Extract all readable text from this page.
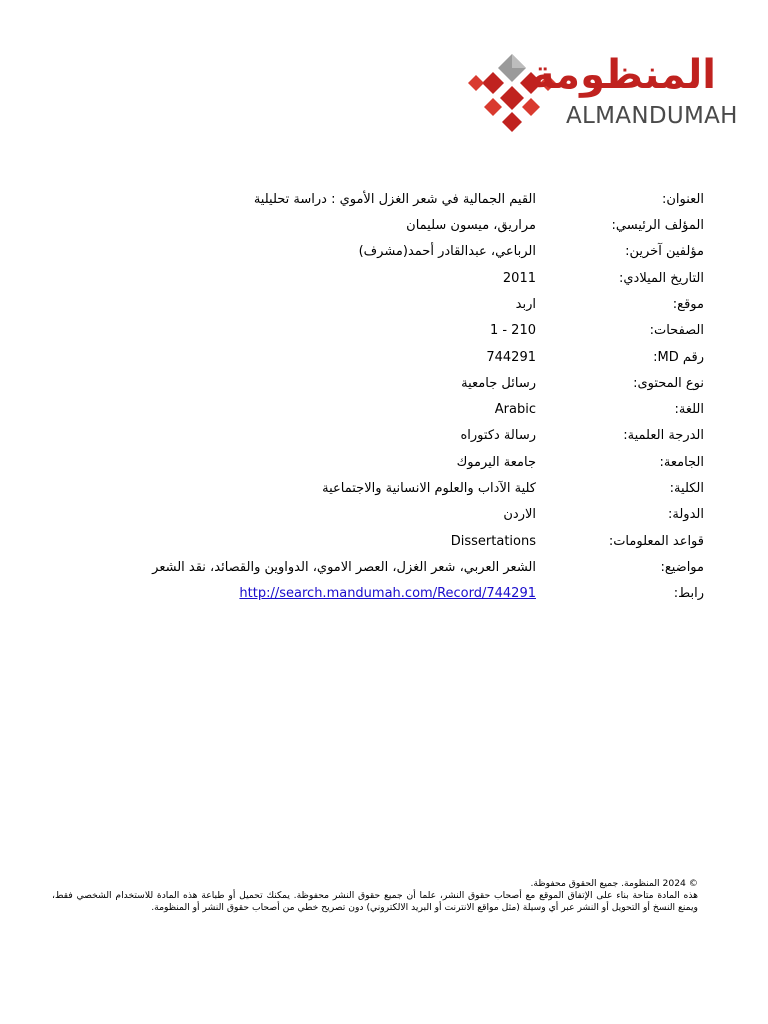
المنظومة
ALMANDUMAH
العنوان:
القيم الجمالية في شعر الغزل الأموي : دراسة تحليلية
المؤلف الرئيسي:
مراريق، ميسون سليمان
مؤلفين آخرين:
الرباعي، عبدالقادر أحمد(مشرف)
التاريخ الميلادي:
2011
موقع:
اربد
الصفحات:
1 - 210
رقم MD:
744291
نوع المحتوى:
رسائل جامعية
اللغة:
Arabic
الدرجة العلمية:
رسالة دكتوراه
الجامعة:
جامعة اليرموك
الكلية:
كلية الآداب والعلوم الانسانية والاجتماعية
الدولة:
الاردن
قواعد المعلومات:
Dissertations
مواضيع:
الشعر العربي، شعر الغزل، العصر الاموي، الدواوين والقصائد، نقد الشعر
رابط:
http://search.mandumah.com/Record/744291

© 2024 المنظومة. جميع الحقوق محفوظة.

هذه المادة متاحة بناء على الإتفاق الموقع مع أصحاب حقوق النشر، علما أن جميع حقوق النشر محفوظة. يمكنك تحميل أو طباعة هذه المادة للاستخدام الشخصي فقط، ويمنع النسخ أو التحويل أو النشر عبر أي وسيلة (مثل مواقع الانترنت أو البريد الالكتروني) دون تصريح خطي من أصحاب حقوق النشر أو المنظومة.
